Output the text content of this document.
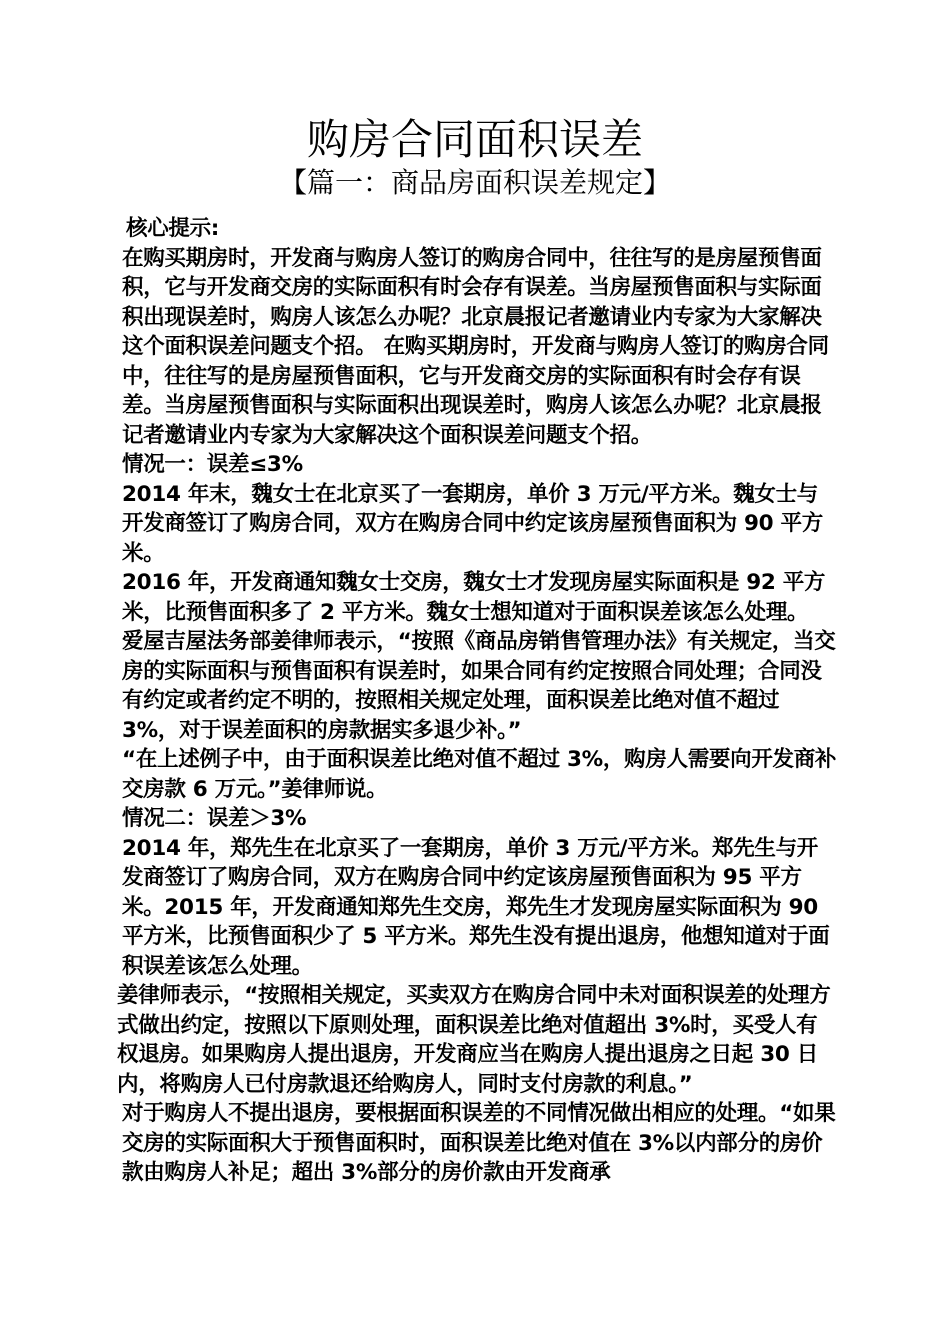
购房合同面积误差
【篇一：商品房面积误差规定】

核心提示:

在购买期房时，开发商与购房人签订的购房合同中，往往写的是房屋预售面积，它与开发商交房的实际面积有时会存有误差。当房屋预售面积与实际面积出现误差时，购房人该怎么办呢？北京晨报记者邀请业内专家为大家解决这个面积误差问题支个招。 在购买期房时，开发商与购房人签订的购房合同中，往往写的是房屋预售面积，它与开发商交房的实际面积有时会存有误差。当房屋预售面积与实际面积出现误差时，购房人该怎么办呢？北京晨报记者邀请业内专家为大家解决这个面积误差问题支个招。

情况一：误差≤3%

2014 年末，魏女士在北京买了一套期房，单价 3 万元/平方米。魏女士与开发商签订了购房合同，双方在购房合同中约定该房屋预售面积为 90 平方米。

2016 年，开发商通知魏女士交房，魏女士才发现房屋实际面积是 92 平方米，比预售面积多了 2 平方米。魏女士想知道对于面积误差该怎么处理。

爱屋吉屋法务部姜律师表示，“按照《商品房销售管理办法》有关规定，当交房的实际面积与预售面积有误差时，如果合同有约定按照合同处理；合同没有约定或者约定不明的，按照相关规定处理，面积误差比绝对值不超过 3%，对于误差面积的房款据实多退少补。”

“在上述例子中，由于面积误差比绝对值不超过 3%，购房人需要向开发商补交房款 6 万元。”姜律师说。

情况二：误差＞3%

2014 年，郑先生在北京买了一套期房，单价 3 万元/平方米。郑先生与开发商签订了购房合同，双方在购房合同中约定该房屋预售面积为 95 平方米。2015 年，开发商通知郑先生交房，郑先生才发现房屋实际面积为 90 平方米，比预售面积少了 5 平方米。郑先生没有提出退房，他想知道对于面积误差该怎么处理。

姜律师表示，“按照相关规定，买卖双方在购房合同中未对面积误差的处理方式做出约定，按照以下原则处理，面积误差比绝对值超出 3%时，买受人有权退房。如果购房人提出退房，开发商应当在购房人提出退房之日起 30 日内，将购房人已付房款退还给购房人，同时支付房款的利息。”

对于购房人不提出退房，要根据面积误差的不同情况做出相应的处理。“如果交房的实际面积大于预售面积时，面积误差比绝对值在 3%以内部分的房价款由购房人补足；超出 3%部分的房价款由开发商承
